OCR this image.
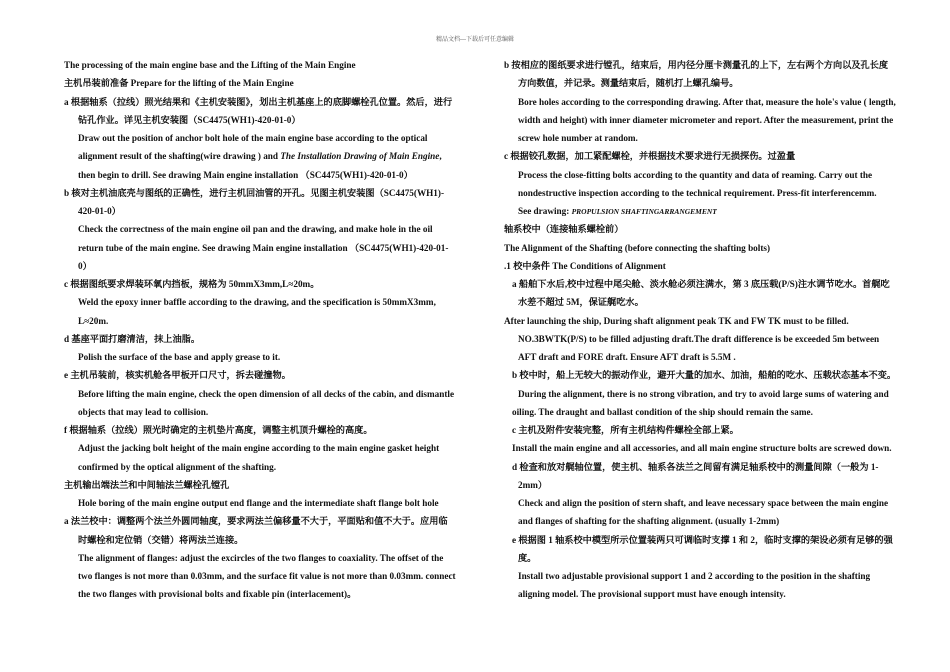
精品文档---下载后可任意编辑
The processing of the main engine base and the Lifting of the Main Engine
主机吊装前准备 Prepare for the lifting of the Main Engine
a 根据轴系（拉线）照光结果和《主机安装图》，划出主机基座上的底脚螺栓孔位置。然后，进行
钻孔作业。详见主机安装图（SC4475(WH1)-420-01-0）
Draw out the position of anchor bolt hole of the main engine base according to the optical
alignment result of the shafting(wire drawing ) and The Installation Drawing of Main Engine,
then begin to drill. See drawing Main engine installation （SC4475(WH1)-420-01-0）
b 核对主机油底壳与图纸的正确性，进行主机回油管的开孔。见图主机安装图（SC4475(WH1)-
420-01-0）
Check the correctness of the main engine oil pan and the drawing, and make hole in the oil
return tube of the main engine. See drawing Main engine installation （SC4475(WH1)-420-01-
0）
c 根据图纸要求焊装环氧内挡板，规格为 50mmX3mm,L≈20m。
Weld the epoxy inner baffle according to the drawing, and the specification is 50mmX3mm,
L≈20m.
d 基座平面打磨清洁，抹上油脂。
Polish the surface of the base and apply grease to it.
e 主机吊装前，核实机舱各甲板开口尺寸，拆去碰撞物。
Before lifting the main engine, check the open dimension of all decks of the cabin, and dismantle
objects that may lead to collision.
f 根据轴系（拉线）照光时确定的主机垫片高度，调整主机顶升螺栓的高度。
Adjust the jacking bolt height of the main engine according to the main engine gasket height
confirmed by the optical alignment of the shafting.
主机输出端法兰和中间轴法兰螺栓孔镗孔
Hole boring of the main engine output end flange and the intermediate shaft flange bolt hole
a 法兰校中：调整两个法兰外圆同轴度，要求两法兰偏移量不大于，平面贴和值不大于。应用临
时螺栓和定位销（交错）将两法兰连接。
The alignment of flanges: adjust the excircles of the two flanges to coaxiality. The offset of the
two flanges is not more than 0.03mm, and the surface fit value is not more than 0.03mm. connect
the two flanges with provisional bolts and fixable pin (interlacement)。
b 按相应的图纸要求进行镗孔，结束后，用内径分厘卡测量孔的上下，左右两个方向以及孔长度
方向数值，并记录。测量结束后，随机打上螺孔编号。
Bore holes according to the corresponding drawing. After that, measure the hole's value ( length,
width and height) with inner diameter micrometer and report. After the measurement, print the
screw hole number at random.
c 根据铰孔数据，加工紧配螺栓，并根据技术要求进行无损探伤。过盈量
Process the close-fitting bolts according to the quantity and data of reaming. Carry out the
nondestructive inspection according to the technical requirement. Press-fit interferencemm.
See drawing: PROPULSION SHAFTINGARRANGEMENT
轴系校中（连接轴系螺栓前）
The Alignment of the Shafting (before connecting the shafting bolts)
.1 校中条件 The Conditions of Alignment
a 船舶下水后,校中过程中尾尖舱、淡水舱必须注满水，第 3 底压载(P/S)注水调节吃水。首艉吃
水差不超过 5M，保证艉吃水。
After launching the ship, During shaft alignment peak TK and FW TK must to be filled.
NO.3BWTK(P/S) to be filled adjusting draft.The draft difference is be exceeded 5m between
AFT draft and FORE draft. Ensure AFT draft is 5.5M .
b 校中时，船上无较大的振动作业，避开大量的加水、加油，船舶的吃水、压载状态基本不变。
During the alignment, there is no strong vibration, and try to avoid large sums of watering and
oiling. The draught and ballast condition of the ship should remain the same.
c 主机及附件安装完整，所有主机结构件螺栓全部上紧。
Install the main engine and all accessories, and all main engine structure bolts are screwed down.
d 检查和放对艉轴位置，使主机、轴系各法兰之间留有满足轴系校中的测量间隙（一般为 1-
2mm）
Check and align the position of stern shaft, and leave necessary space between the main engine
and flanges of shafting for the shafting alignment. (usually 1-2mm)
e 根据图 1 轴系校中模型所示位置装两只可调临时支撑 1 和 2，临时支撑的架设必须有足够的强
度。
Install two adjustable provisional support 1 and 2 according to the position in the shafting
aligning model. The provisional support must have enough intensity.
